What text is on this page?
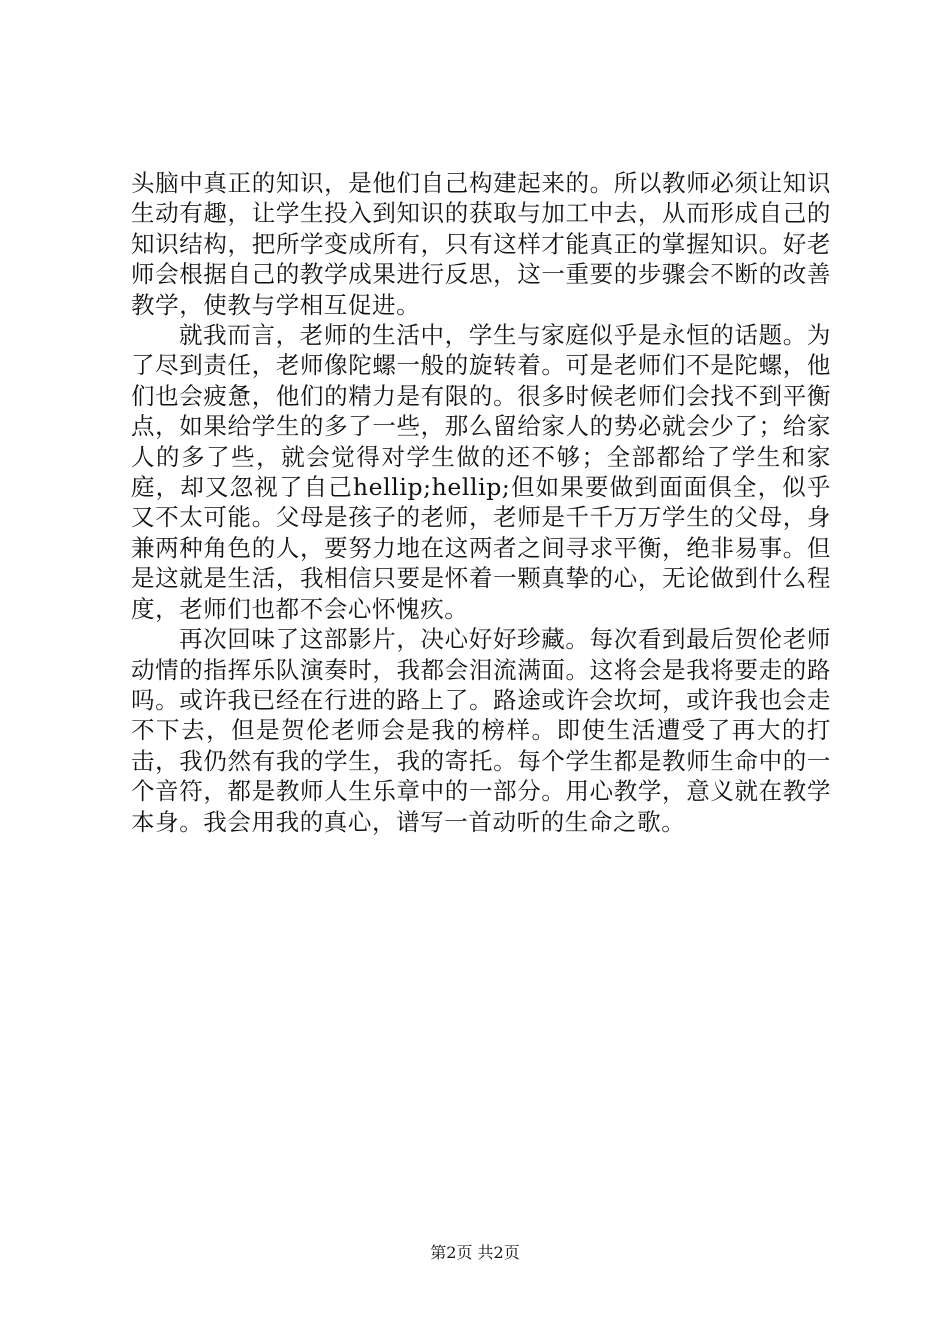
头脑中真正的知识，是他们自己构建起来的。所以教师必须让知识生动有趣，让学生投入到知识的获取与加工中去，从而形成自己的知识结构，把所学变成所有，只有这样才能真正的掌握知识。好老师会根据自己的教学成果进行反思，这一重要的步骤会不断的改善教学，使教与学相互促进。

就我而言，老师的生活中，学生与家庭似乎是永恒的话题。为了尽到责任，老师像陀螺一般的旋转着。可是老师们不是陀螺，他们也会疲惫，他们的精力是有限的。很多时候老师们会找不到平衡点，如果给学生的多了一些，那么留给家人的势必就会少了；给家人的多了些，就会觉得对学生做的还不够；全部都给了学生和家庭，却又忽视了自己hellip;hellip;但如果要做到面面俱全，似乎又不太可能。父母是孩子的老师，老师是千千万万学生的父母，身兼两种角色的人，要努力地在这两者之间寻求平衡，绝非易事。但是这就是生活，我相信只要是怀着一颗真挚的心，无论做到什么程度，老师们也都不会心怀愧疚。

再次回味了这部影片，决心好好珍藏。每次看到最后贺伦老师动情的指挥乐队演奏时，我都会泪流满面。这将会是我将要走的路吗。或许我已经在行进的路上了。路途或许会坎坷，或许我也会走不下去，但是贺伦老师会是我的榜样。即使生活遭受了再大的打击，我仍然有我的学生，我的寄托。每个学生都是教师生命中的一个音符，都是教师人生乐章中的一部分。用心教学，意义就在教学本身。我会用我的真心，谱写一首动听的生命之歌。

第2页 共2页
